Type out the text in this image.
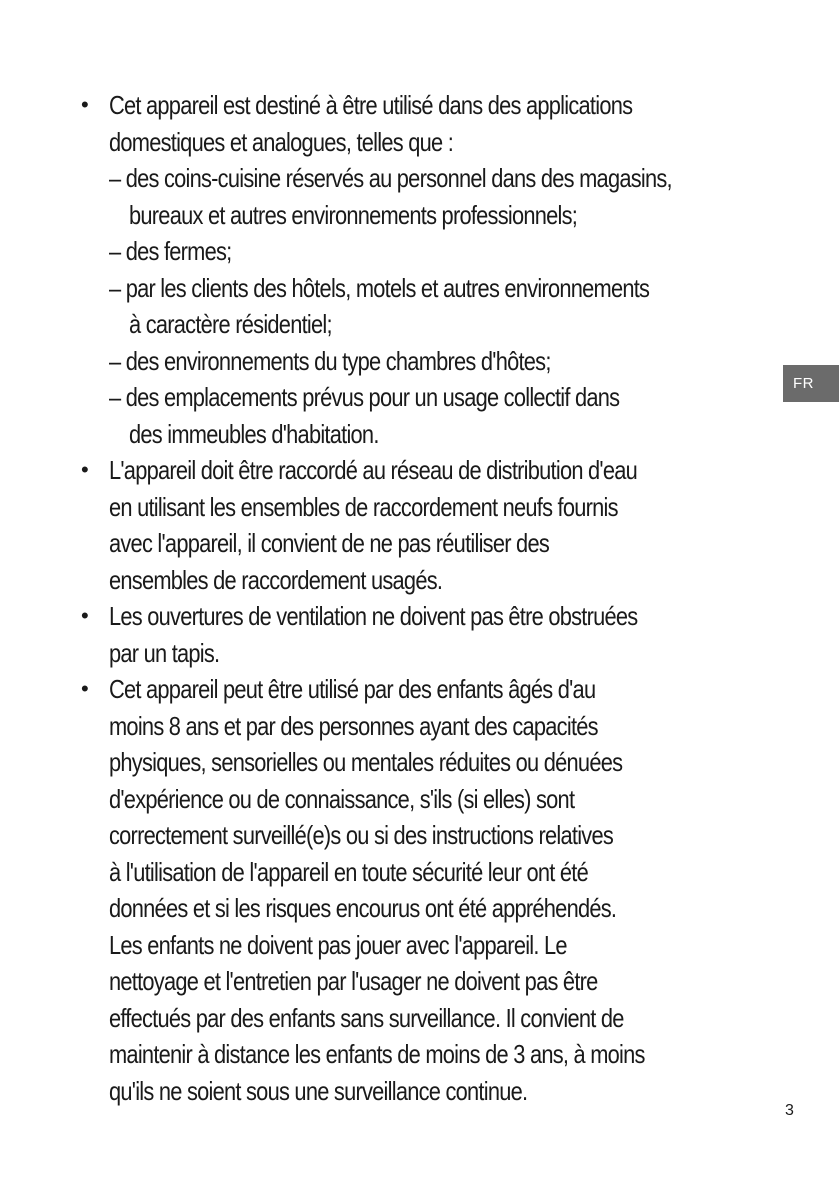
• Cet appareil est destiné à être utilisé dans des applications
domestiques et analogues, telles que :
– des coins-cuisine réservés au personnel dans des magasins,
bureaux et autres environnements professionnels;
– des fermes;
– par les clients des hôtels, motels et autres environnements
à caractère résidentiel;
– des environnements du type chambres d'hôtes;
– des emplacements prévus pour un usage collectif dans
des immeubles d'habitation.
• L'appareil doit être raccordé au réseau de distribution d'eau
en utilisant les ensembles de raccordement neufs fournis
avec l'appareil, il convient de ne pas réutiliser des
ensembles de raccordement usagés.
• Les ouvertures de ventilation ne doivent pas être obstruées
par un tapis.
• Cet appareil peut être utilisé par des enfants âgés d'au
moins 8 ans et par des personnes ayant des capacités
physiques, sensorielles ou mentales réduites ou dénuées
d'expérience ou de connaissance, s'ils (si elles) sont
correctement surveillé(e)s ou si des instructions relatives
à l'utilisation de l'appareil en toute sécurité leur ont été
données et si les risques encourus ont été appréhendés.
Les enfants ne doivent pas jouer avec l'appareil. Le
nettoyage et l'entretien par l'usager ne doivent pas être
effectués par des enfants sans surveillance. Il convient de
maintenir à distance les enfants de moins de 3 ans, à moins
qu'ils ne soient sous une surveillance continue.
FR
3
